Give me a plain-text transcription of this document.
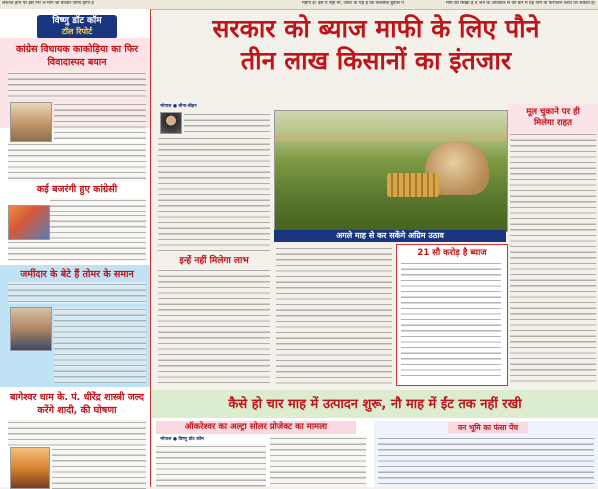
जरूरत होने पर इस गिर ले मार्ग श्री बाजार जाना होगा है	महंगी है। इस पै नहीं मौ, जाता था यह है कि फलसेक बुवाल पे	मर्मा की सिखा है व जन के अधिकार से की बारे में वह पाम या फेरफरन लिया जा सकता है।
विष्णु डॉट कॉम
टॉल रिपोर्ट
कांग्रेस विधायक काकोड़िया का फिर विवादास्पद बयान
कई बजरंगी हुए कांग्रेसी
जमींदार के बेटे हैं तोमर के समान
बागेश्वर धाम के. पं. धीरेंद्र शास्त्री जल्द करेंगे शादी, की घोषणा
सरकार को ब्याज माफी के लिए पौने
तीन लाख किसानों का इंतजार
भोपाल ● बीना-बीइन
इन्हें नहीं मिलेगा लाभ
अगले माह से कर सकेंगे अग्रिम उठाव
21 सौ करोड़ है ब्याज
मूल चुकाने पर ही
मिलेगा राहत
कैसे हो चार माह में उत्पादन शुरू, नौ माह में ईंट तक नहीं रखी
ऑकरेश्वर का अल्ट्रा सोलर प्रोजेक्ट का मामला
भोपाल ● विष्णु डॉट कॉम
वन भूमि का फंसा पेंच
